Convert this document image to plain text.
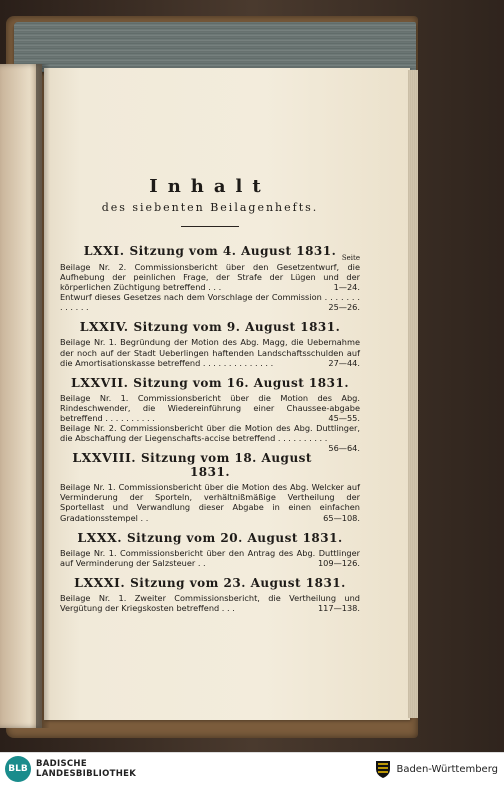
Inhalt

des siebenten Beilagenhefts.

LXXI. Sitzung vom 4. August 1831. Seite

Beilage Nr. 2. Commissionsbericht über den Gesetzentwurf, die Aufhebung der peinlichen Frage, der Strafe der Lügen und der körperlichen Züchtigung betreffend . . .	1—24.

Entwurf dieses Gesetzes nach dem Vorschlage der Commission . . . . . . . . . . . . .	25—26.

LXXIV. Sitzung vom 9. August 1831.

Beilage Nr. 1. Begründung der Motion des Abg. Magg, die Uebernahme der noch auf der Stadt Ueberlingen haftenden Landschaftsschulden auf die Amortisationskasse betreffend . . . . . . . . . . . . . .	27—44.

LXXVII. Sitzung vom 16. August 1831.

Beilage Nr. 1. Commissionsbericht über die Motion des Abg. Rindeschwender, die Wiedereinführung einer Chaussee-abgabe betreffend . . . . . . . . . .	45—55.

Beilage Nr. 2. Commissionsbericht über die Motion des Abg. Duttlinger, die Abschaffung der Liegenschafts-accise betreffend . . . . . . . . . .
56—64.

LXXVIII. Sitzung vom 18. August 1831.

Beilage Nr. 1. Commissionsbericht über die Motion des Abg. Welcker auf Verminderung der Sporteln, verhältnißmäßige Vertheilung der Sportellast und Verwandlung dieser Abgabe in einen einfachen Gradationsstempel . .	65—108.

LXXX. Sitzung vom 20. August 1831.

Beilage Nr. 1. Commissionsbericht über den Antrag des Abg. Duttlinger auf Verminderung der Salzsteuer . .	109—126.

LXXXI. Sitzung vom 23. August 1831.

Beilage Nr. 1. Zweiter Commissionsbericht, die Vertheilung und Vergütung der Kriegskosten betreffend . . .	117—138.

BLB BADISCHE
LANDESBIBLIOTHEK	Baden-Württemberg
